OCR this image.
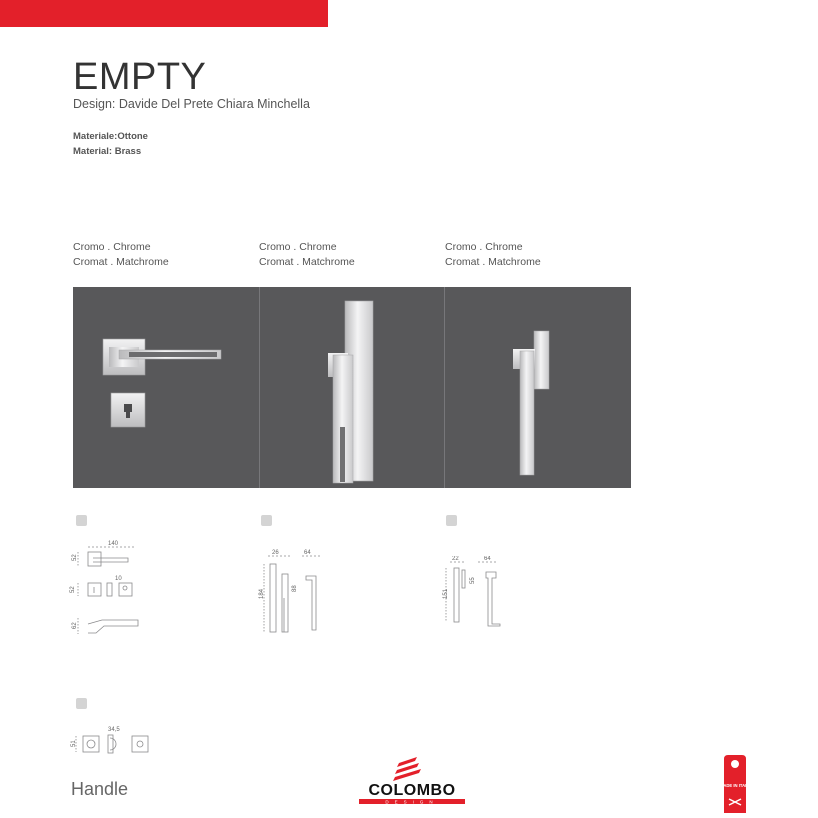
EMPTY
Design: Davide Del Prete Chiara Minchella
Materiale:Ottone
Material: Brass
Cromo . Chrome
Cromat . Matchrome
Cromo . Chrome
Cromat . Matchrome
Cromo . Chrome
Cromat . Matchrome
140
52
52
10
62
26	64
184
88
22	64
55
151
34,5
51
Handle	COLOMBO
DESIGN
MADE IN ITALY
